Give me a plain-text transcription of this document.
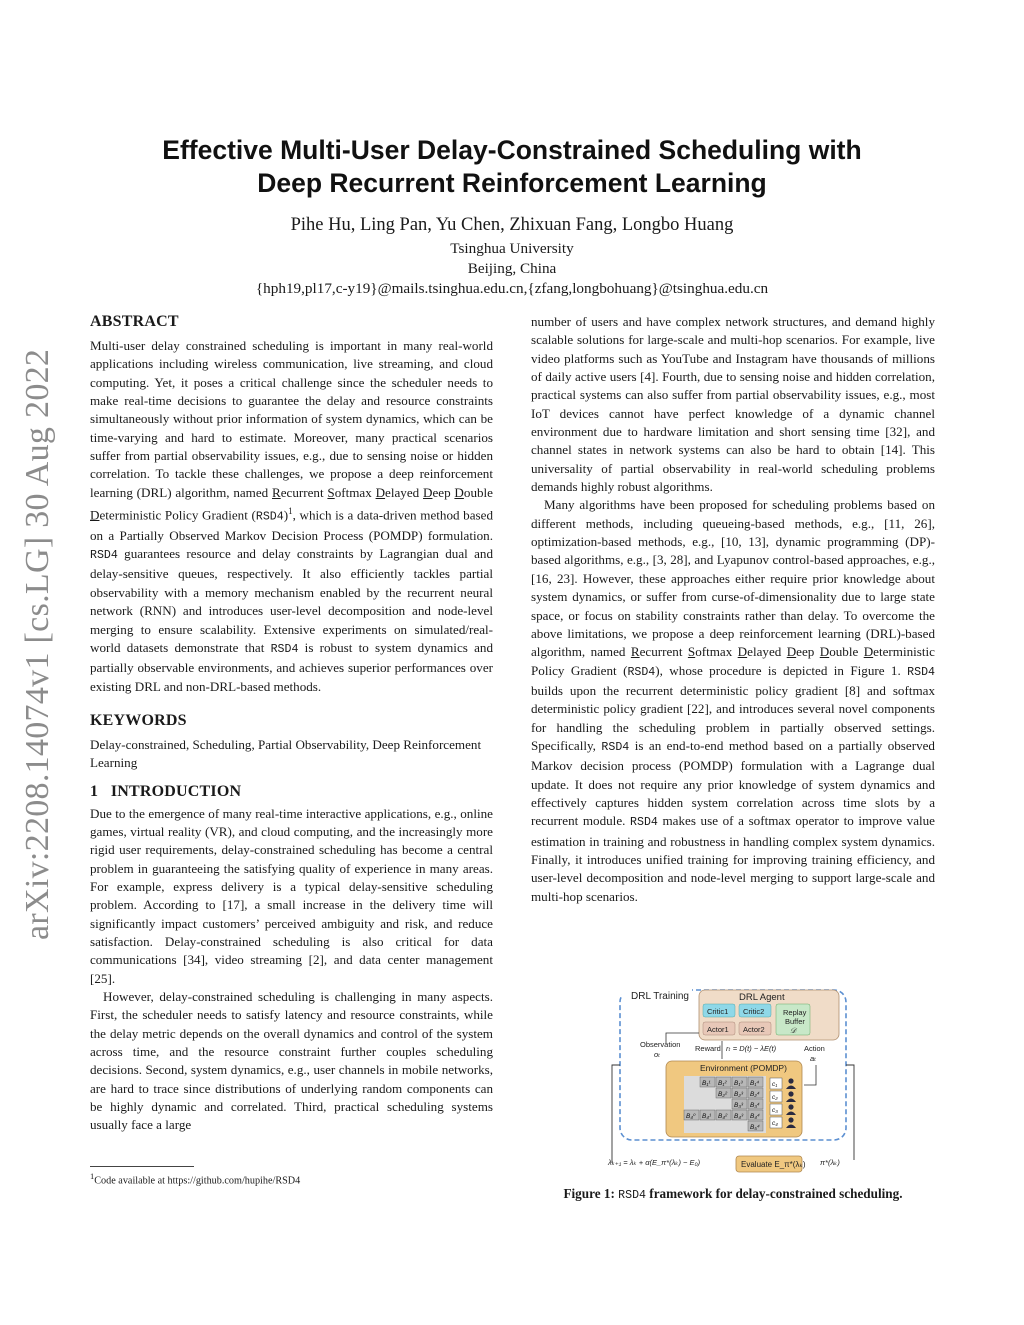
arXiv:2208.14074v1 [cs.LG] 30 Aug 2022
Effective Multi-User Delay-Constrained Scheduling with
Deep Recurrent Reinforcement Learning
Pihe Hu, Ling Pan, Yu Chen, Zhixuan Fang, Longbo Huang
Tsinghua University
Beijing, China
{hph19,pl17,c-y19}@mails.tsinghua.edu.cn,{zfang,longbohuang}@tsinghua.edu.cn
ABSTRACT

Multi-user delay constrained scheduling is important in many real-world applications including wireless communication, live streaming, and cloud computing. Yet, it poses a critical challenge since the scheduler needs to make real-time decisions to guarantee the delay and resource constraints simultaneously without prior information of system dynamics, which can be time-varying and hard to estimate. Moreover, many practical scenarios suffer from partial observability issues, e.g., due to sensing noise or hidden correlation. To tackle these challenges, we propose a deep reinforcement learning (DRL) algorithm, named Recurrent Softmax Delayed Deep Double Deterministic Policy Gradient $(RSD4)^1$, which is a data-driven method based on a Partially Observed Markov Decision Process (POMDP) formulation. RSD4 guarantees resource and delay constraints by Lagrangian dual and delay-sensitive queues, respectively. It also efficiently tackles partial observability with a memory mechanism enabled by the recurrent neural network (RNN) and introduces user-level decomposition and node-level merging to ensure scalability. Extensive experiments on simulated/real-world datasets demonstrate that RSD4 is robust to system dynamics and partially observable environments, and achieves superior performances over existing DRL and non-DRL-based methods.

KEYWORDS

Delay-constrained, Scheduling, Partial Observability, Deep Reinforcement Learning

1 INTRODUCTION

Due to the emergence of many real-time interactive applications, e.g., online games, virtual reality (VR), and cloud computing, and the increasingly more rigid user requirements, delay-constrained scheduling has become a central problem in guaranteeing the satisfying quality of experience in many areas. For example, express delivery is a typical delay-sensitive scheduling problem. According to [17], a small increase in the delivery time will significantly impact customers’ perceived ambiguity and risk, and reduce satisfaction. Delay-constrained scheduling is also critical for data communications [34], video streaming [2], and data center management [25].

However, delay-constrained scheduling is challenging in many aspects. First, the scheduler needs to satisfy latency and resource constraints, while the delay metric depends on the overall dynamics and control of the system across time, and the resource constraint further couples scheduling decisions. Second, system dynamics, e.g., user channels in mobile networks, are hard to trace since distributions of underlying random components can be highly dynamic and correlated. Third, practical scheduling systems usually face a large

$^1$Code available at https://github.com/hupihe/RSD4

number of users and have complex network structures, and demand highly scalable solutions for large-scale and multi-hop scenarios. For example, live video platforms such as YouTube and Instagram have thousands of millions of daily active users [4]. Fourth, due to sensing noise and hidden correlation, practical systems can also suffer from partial observability issues, e.g., most IoT devices cannot have perfect knowledge of a dynamic channel environment due to hardware limitation and short sensing time [32], and channel states in network systems can also be hard to obtain [14]. This universality of partial observability in real-world scheduling problems demands highly robust algorithms.

Many algorithms have been proposed for scheduling problems based on different methods, including queueing-based methods, e.g., [11, 26], optimization-based methods, e.g., [10, 13], dynamic programming (DP)-based algorithms, e.g., [3, 28], and Lyapunov control-based approaches, e.g., [16, 23]. However, these approaches either require prior knowledge about system dynamics, or suffer from curse-of-dimensionality due to large state space, or focus on stability constraints rather than delay. To overcome the above limitations, we propose a deep reinforcement learning (DRL)-based algorithm, named Recurrent Softmax Delayed Deep Double Deterministic Policy Gradient (RSD4), whose procedure is depicted in Figure 1. RSD4 builds upon the recurrent deterministic policy gradient [8] and softmax deterministic policy gradient [22], and introduces several novel components for handling the scheduling problem in partially observed settings. Specifically, RSD4 is an end-to-end method based on a partially observed Markov decision process (POMDP) formulation with a Lagrange dual update. It does not require any prior knowledge of system dynamics and effectively captures hidden system correlation across time slots by a recurrent module. RSD4 makes use of a softmax operator to improve value estimation in training and robustness in handling complex system dynamics. Finally, it introduces unified training for improving training efficiency, and user-level decomposition and node-level merging to support large-scale and multi-hop scenarios.

DRL Training	DRL Agent
Critic1 Critic2
Actor1 Actor2
Replay
Buffer
𝒟
Observation
oₜ
Reward rₜ = D(t) − λE(t)	Action
aₜ
Environment (POMDP)
B₁¹ B₁² B₁³ B₁⁴
B₂² B₂³ B₂⁴
B₃³ B₃⁴
B₄⁰ B₄¹ B₄² B₄³ B₄⁴
B₅⁴
c₁
c₂
c₃
c₄
λₖ₊₁ = λₖ + α(E_π*(λₖ) − E₀)	Evaluate E_π*(λₖ) π*(λₖ)
Figure 1: RSD4 framework for delay-constrained scheduling.
